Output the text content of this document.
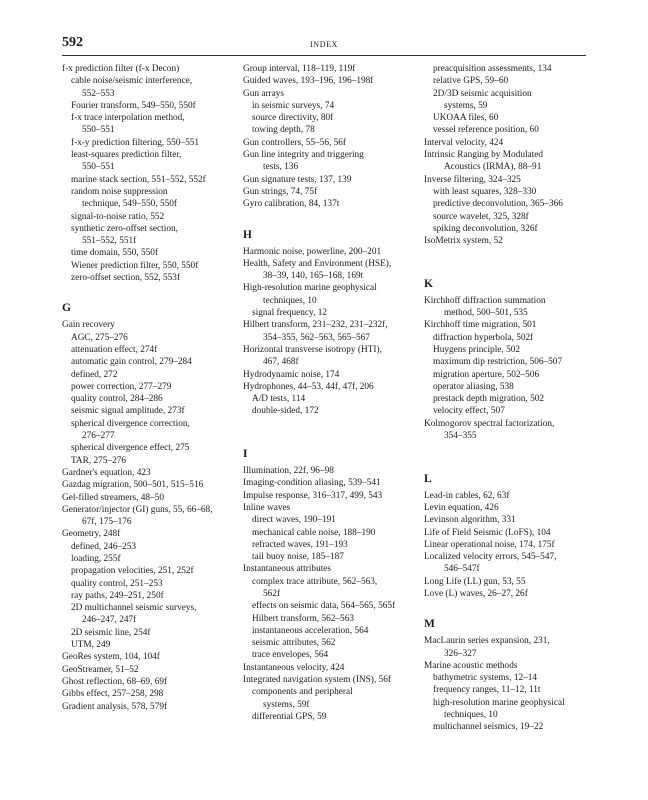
592	INDEX
f-x prediction filter (f-x Decon)
cable noise/seismic interference,
552–553
Fourier transform, 549–550, 550f
f-x trace interpolation method,
550–551
f-x-y prediction filtering, 550–551
least-squares prediction filter,
550–551
marine stack section, 551–552, 552f
random noise suppression
technique, 549–550, 550f
signal-to-noise ratio, 552
synthetic zero-offset section,
551–552, 551f
time domain, 550, 550f
Wiener prediction filter, 550, 550f
zero-offset section, 552, 553f
G
Gain recovery
AGC, 275–276
attenuation effect, 274f
automatic gain control, 279–284
defined, 272
power correction, 277–279
quality control, 284–286
seismic signal amplitude, 273f
spherical divergence correction,
276–277
spherical divergence effect, 275
TAR, 275–276
Gardner's equation, 423
Gazdag migration, 500–501, 515–516
Gel-filled streamers, 48–50
Generator/injector (GI) guns, 55, 66–68,
67f, 175–176
Geometry, 248f
defined, 246–253
loading, 255f
propagation velocities, 251, 252f
quality control, 251–253
ray paths, 249–251, 250f
2D multichannel seismic surveys,
246–247, 247f
2D seismic line, 254f
UTM, 249
GeoRes system, 104, 104f
GeoStreamer, 51–52
Ghost reflection, 68–69, 69f
Gibbs effect, 257–258, 298
Gradient analysis, 578, 579f
Group interval, 118–119, 119f
Guided waves, 193–196, 196–198f
Gun arrays
in seismic surveys, 74
source directivity, 80f
towing depth, 78
Gun controllers, 55–56, 56f
Gun line integrity and triggering
tests, 136
Gun signature tests, 137, 139
Gun strings, 74, 75f
Gyro calibration, 84, 137t
H
Harmonic noise, powerline, 200–201
Health, Safety and Environment (HSE),
38–39, 140, 165–168, 169t
High-resolution marine geophysical
techniques, 10
signal frequency, 12
Hilbert transform, 231–232, 231–232f,
354–355, 562–563, 565–567
Horizontal transverse isotropy (HTI),
467, 468f
Hydrodynamic noise, 174
Hydrophones, 44–53, 44f, 47f, 206
A/D tests, 114
double-sided, 172
I
Illumination, 22f, 96–98
Imaging-condition aliasing, 539–541
Impulse response, 316–317, 499, 543
Inline waves
direct waves, 190–191
mechanical cable noise, 188–190
refracted waves, 191–193
tail buoy noise, 185–187
Instantaneous attributes
complex trace attribute, 562–563,
562f
effects on seismic data, 564–565, 565f
Hilbert transform, 562–563
instantaneous acceleration, 564
seismic attributes, 562
trace envelopes, 564
Instantaneous velocity, 424
Integrated navigation system (INS), 56f
components and peripheral
systems, 59f
differential GPS, 59
preacquisition assessments, 134
relative GPS, 59–60
2D/3D seismic acquisition
systems, 59
UKOAA files, 60
vessel reference position, 60
Interval velocity, 424
Intrinsic Ranging by Modulated
Acoustics (IRMA), 88–91
Inverse filtering, 324–325
with least squares, 328–330
predictive deconvolution, 365–366
source wavelet, 325, 328f
spiking deconvolution, 326f
IsoMetrix system, 52
K
Kirchhoff diffraction summation
method, 500–501, 535
Kirchhoff time migration, 501
diffraction hyperbola, 502f
Huygens principle, 502
maximum dip restriction, 506–507
migration aperture, 502–506
operator aliasing, 538
prestack depth migration, 502
velocity effect, 507
Kolmogorov spectral factorization,
354–355
L
Lead-in cables, 62, 63f
Levin equation, 426
Levinson algorithm, 331
Life of Field Seismic (LoFS), 104
Linear operational noise, 174, 175f
Localized velocity errors, 545–547,
546–547f
Long Life (LL) gun, 53, 55
Love (L) waves, 26–27, 26f
M
MacLaurin series expansion, 231,
326–327
Marine acoustic methods
bathymetric systems, 12–14
frequency ranges, 11–12, 11t
high-resolution marine geophysical
techniques, 10
multichannel seismics, 19–22
